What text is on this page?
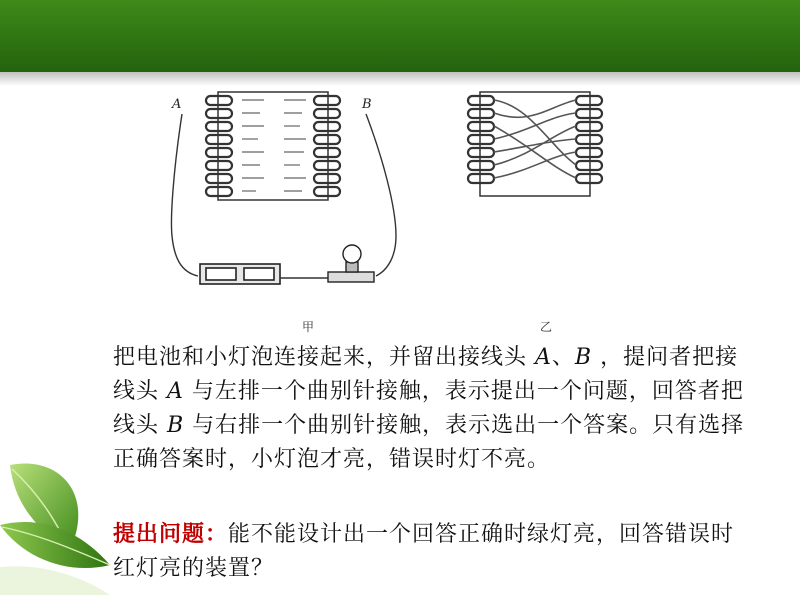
A	B
甲	乙

把电池和小灯泡连接起来，并留出接线头 A、B ，提问者把接线头 A 与左排一个曲别针接触，表示提出一个问题，回答者把线头 B 与右排一个曲别针接触，表示选出一个答案。只有选择正确答案时，小灯泡才亮，错误时灯不亮。

提出问题：能不能设计出一个回答正确时绿灯亮，回答错误时红灯亮的装置？
